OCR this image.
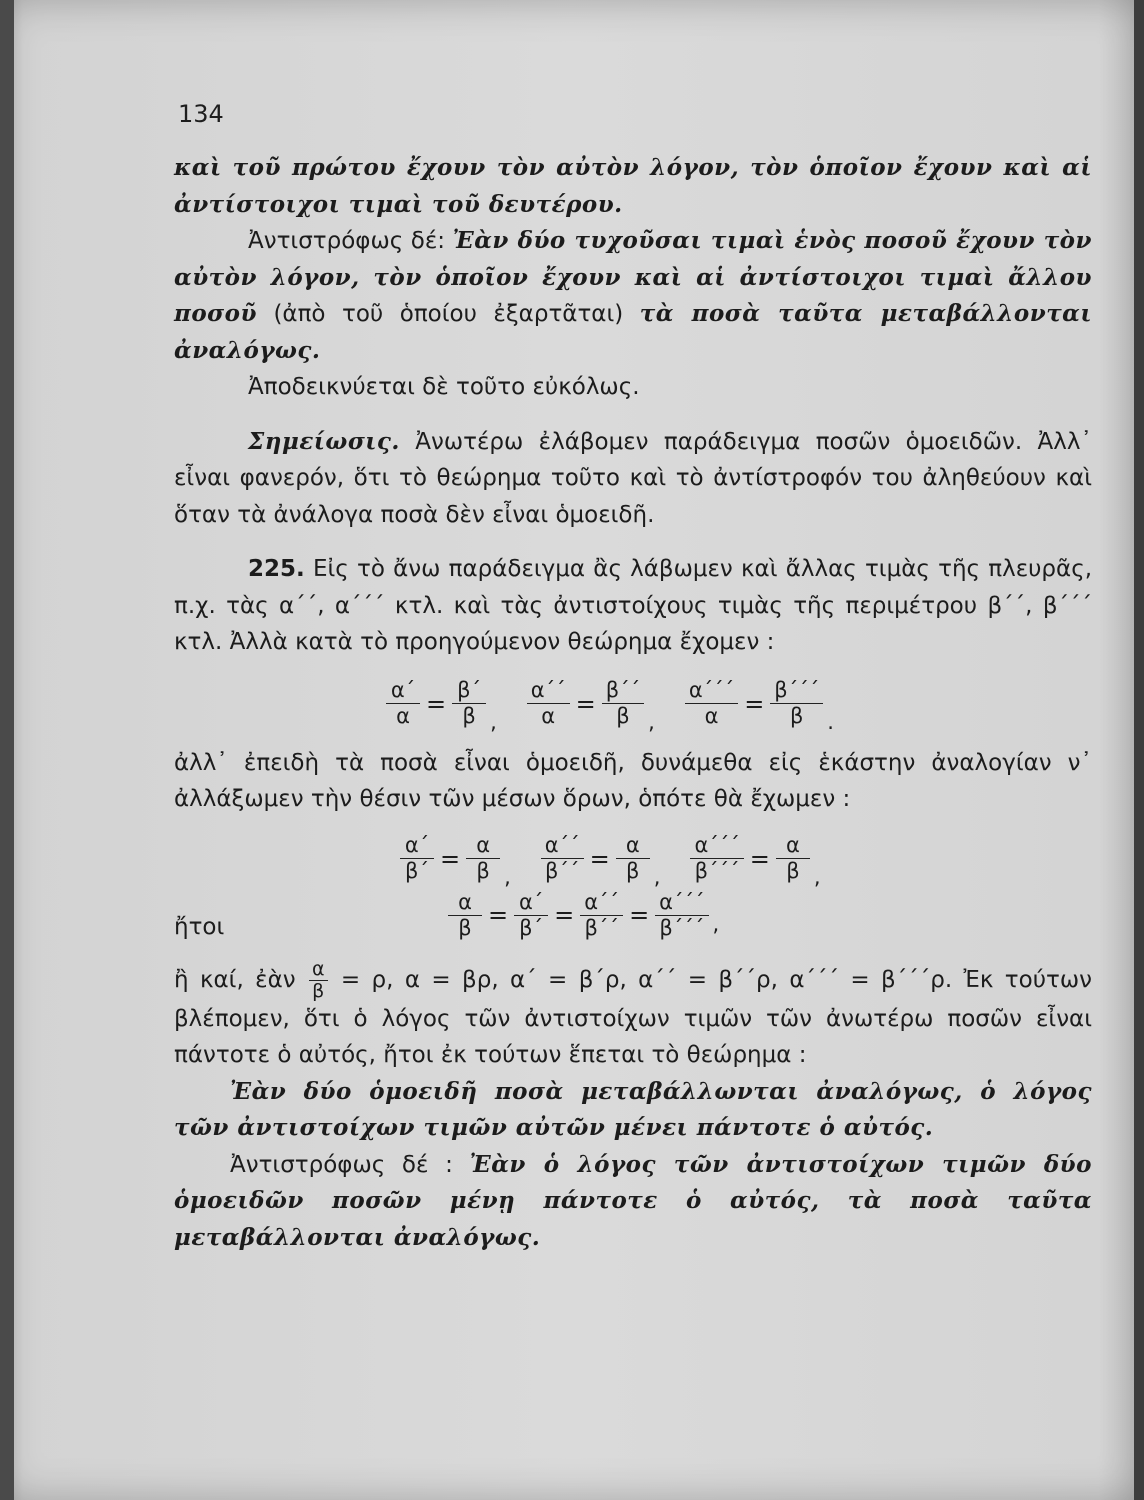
134

καὶ τοῦ πρώτου ἔχουν τὸν αὐτὸν λόγον, τὸν ὁποῖον ἔχουν καὶ αἱ ἀντίστοιχοι τιμαὶ τοῦ δευτέρου.

Ἀντιστρόφως δέ: Ἐὰν δύο τυχοῦσαι τιμαὶ ἑνὸς ποσοῦ ἔχουν τὸν αὐτὸν λόγον, τὸν ὁποῖον ἔχουν καὶ αἱ ἀντίστοιχοι τιμαὶ ἄλλου ποσοῦ (ἀπὸ τοῦ ὁποίου ἐξαρτᾶται) τὰ ποσὰ ταῦτα μεταβάλλονται ἀναλόγως.

Ἀποδεικνύεται δὲ τοῦτο εὐκόλως.

Σημείωσις. Ἀνωτέρω ἐλάβομεν παράδειγμα ποσῶν ὁμοειδῶν. Ἀλλ᾽ εἶναι φανερόν, ὅτι τὸ θεώρημα τοῦτο καὶ τὸ ἀντίστροφόν του ἀληθεύουν καὶ ὅταν τὰ ἀνάλογα ποσὰ δὲν εἶναι ὁμοειδῆ.

225. Εἰς τὸ ἄνω παράδειγμα ἂς λάβωμεν καὶ ἄλλας τιμὰς τῆς πλευρᾶς, π.χ. τὰς α΄΄, α΄΄΄ κτλ. καὶ τὰς ἀντιστοίχους τιμὰς τῆς περιμέτρου β΄΄, β΄΄΄ κτλ. Ἀλλὰ κατὰ τὸ προηγούμενον θεώρημα ἔχομεν :

$\frac{\alpha΄}{\alpha} = \frac{\beta΄}{\beta}$ , $\frac{\alpha΄΄}{\alpha} = \frac{\beta΄΄}{\beta}$ , $\frac{\alpha΄΄΄}{\alpha} = \frac{\beta΄΄΄}{\beta}$ .

ἀλλ᾽ ἐπειδὴ τὰ ποσὰ εἶναι ὁμοειδῆ, δυνάμεθα εἰς ἑκάστην ἀναλογίαν ν᾽ ἀλλάξωμεν τὴν θέσιν τῶν μέσων ὅρων, ὁπότε θὰ ἔχωμεν :

$\frac{\alpha΄}{\beta΄} = \frac{\alpha}{\beta}$ , $\frac{\alpha΄΄}{\beta΄΄} = \frac{\alpha}{\beta}$ , $\frac{\alpha΄΄΄}{\beta΄΄΄} = \frac{\alpha}{\beta}$ ,
ἤτοι	$\frac{\alpha}{\beta} = \frac{\alpha΄}{\beta΄} = \frac{\alpha΄΄}{\beta΄΄} = \frac{\alpha΄΄΄}{\beta΄΄΄}$ ,

ἢ καί, ἐὰν $\frac{\alpha}{\beta} = \rho$, α = βρ, α΄ = β΄ρ, α΄΄ = β΄΄ρ, α΄΄΄ = β΄΄΄ρ. Ἐκ τούτων βλέπομεν, ὅτι ὁ λόγος τῶν ἀντιστοίχων τιμῶν τῶν ἀνωτέρω ποσῶν εἶναι πάντοτε ὁ αὐτός, ἤτοι ἐκ τούτων ἕπεται τὸ θεώρημα :

Ἐὰν δύο ὁμοειδῆ ποσὰ μεταβάλλωνται ἀναλόγως, ὁ λόγος τῶν ἀντιστοίχων τιμῶν αὐτῶν μένει πάντοτε ὁ αὐτός.

Ἀντιστρόφως δέ : Ἐὰν ὁ λόγος τῶν ἀντιστοίχων τιμῶν δύο ὁμοειδῶν ποσῶν μένῃ πάντοτε ὁ αὐτός, τὰ ποσὰ ταῦτα μεταβάλλονται ἀναλόγως.
